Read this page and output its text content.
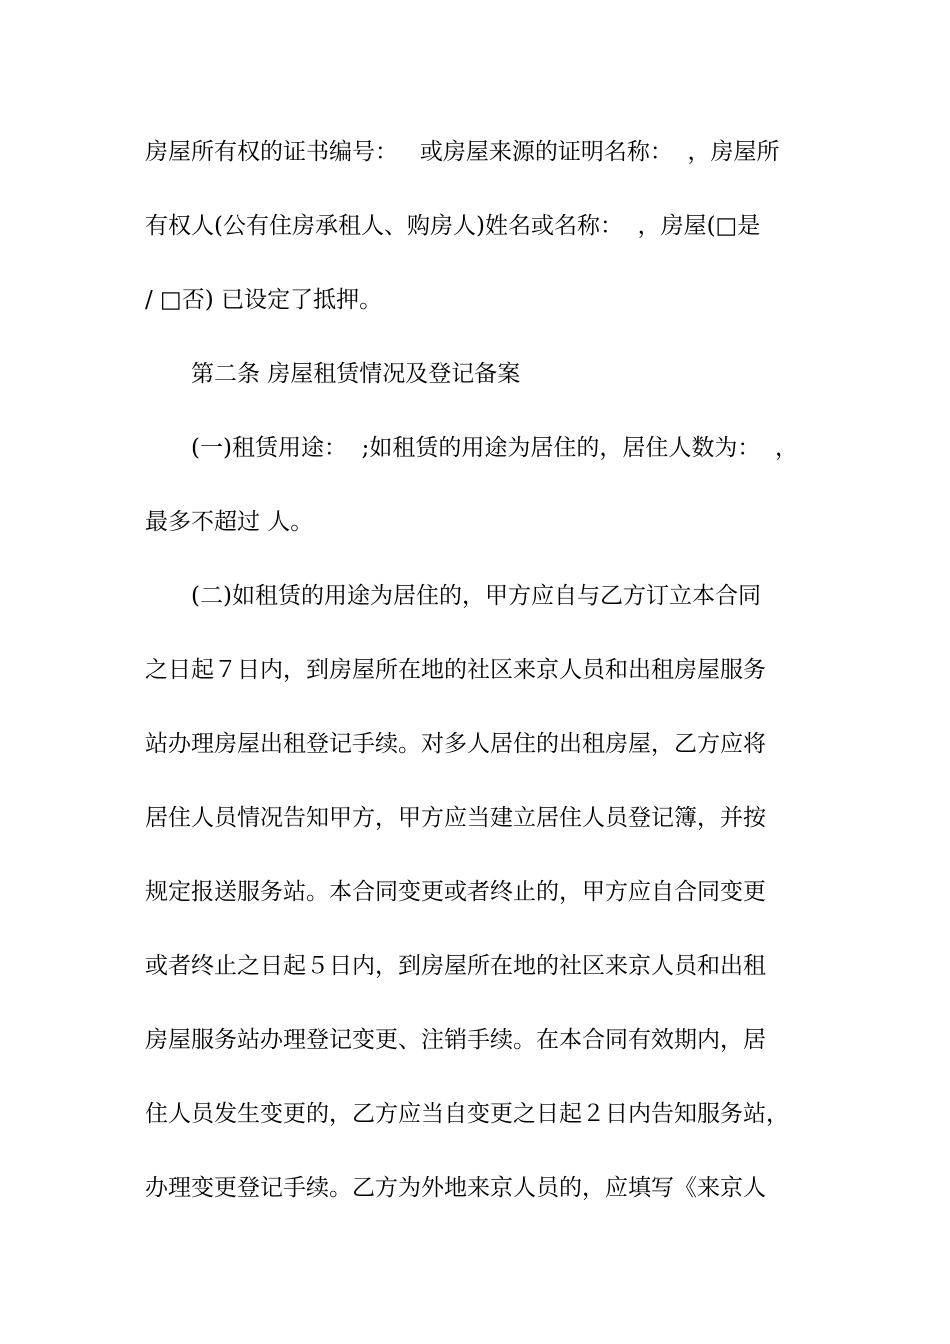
房屋所有权的证书编号：   或房屋来源的证明名称：  ，房屋所
有权人(公有住房承租人、购房人)姓名或名称：  ，房屋(□是
/ □否) 已设定了抵押。
第二条 房屋租赁情况及登记备案
(一)租赁用途：  ;如租赁的用途为居住的，居住人数为：  ，
最多不超过 人。
(二)如租赁的用途为居住的，甲方应自与乙方订立本合同
之日起７日内，到房屋所在地的社区来京人员和出租房屋服务
站办理房屋出租登记手续。对多人居住的出租房屋，乙方应将
居住人员情况告知甲方，甲方应当建立居住人员登记簿，并按
规定报送服务站。本合同变更或者终止的，甲方应自合同变更
或者终止之日起５日内，到房屋所在地的社区来京人员和出租
房屋服务站办理登记变更、注销手续。在本合同有效期内，居
住人员发生变更的，乙方应当自变更之日起２日内告知服务站，
办理变更登记手续。乙方为外地来京人员的，应填写《来京人
